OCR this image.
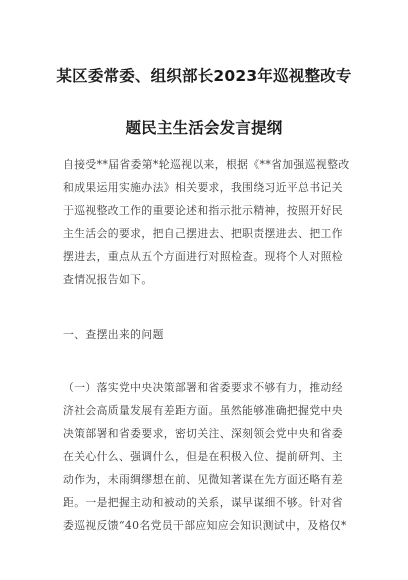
某区委常委、组织部长2023年巡视整改专
题民主生活会发言提纲
自接受**届省委第*轮巡视以来，根据《**省加强巡视整改
和成果运用实施办法》相关要求，我围绕习近平总书记关
于巡视整改工作的重要论述和指示批示精神，按照开好民
主生活会的要求，把自己摆进去、把职责摆进去、把工作
摆进去，重点从五个方面进行对照检查。现将个人对照检
查情况报告如下。
一、查摆出来的问题
（一）落实党中央决策部署和省委要求不够有力，推动经
济社会高质量发展有差距方面。虽然能够准确把握党中央
决策部署和省委要求，密切关注、深刻领会党中央和省委
在关心什么、强调什么，但是在积极入位、提前研判、主
动作为，未雨绸缪想在前、见微知著谋在先方面还略有差
距。一是把握主动和被动的关系，谋早谋细不够。针对省
委巡视反馈“40名党员干部应知应会知识测试中，及格仅*
